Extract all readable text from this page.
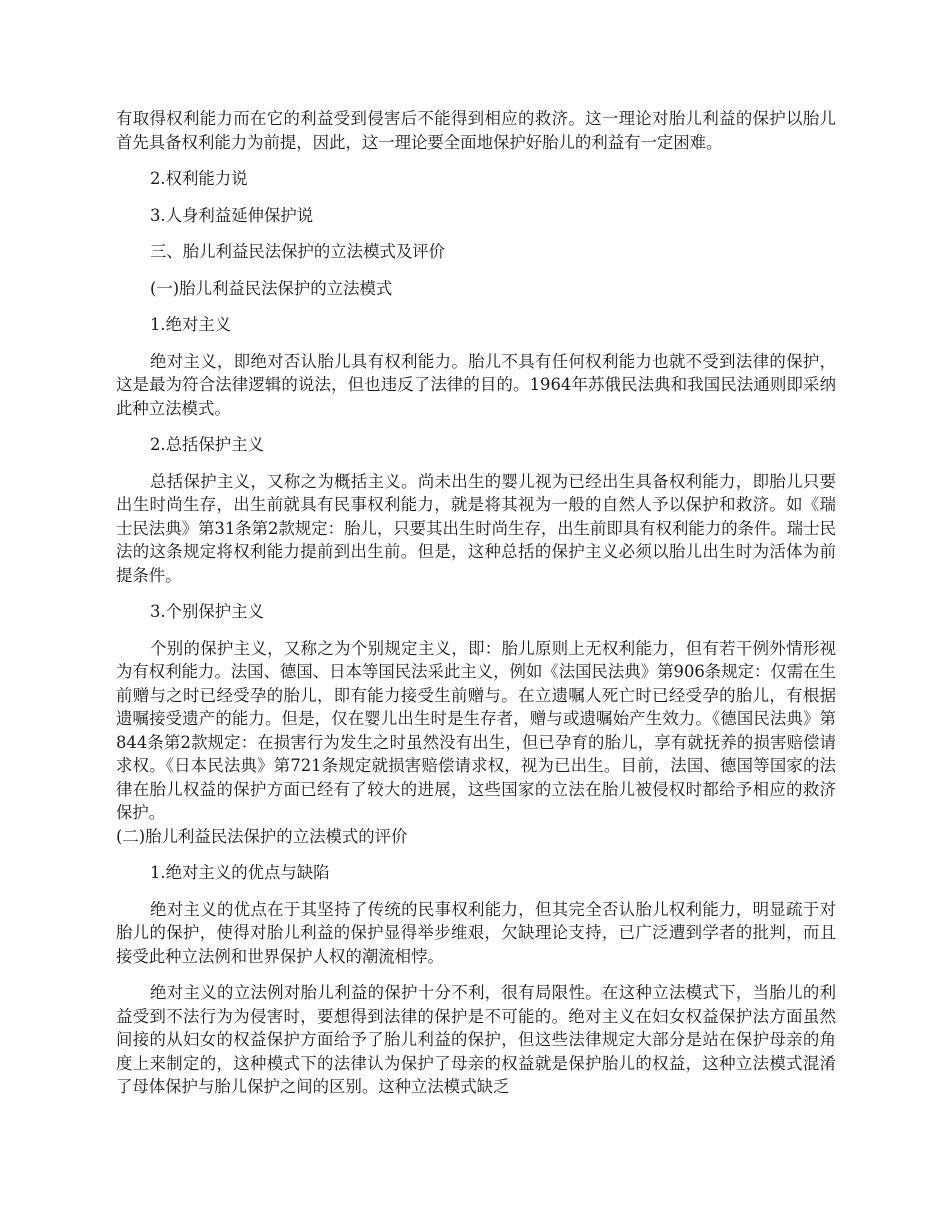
有取得权利能力而在它的利益受到侵害后不能得到相应的救济。这一理论对胎儿利益的保护以胎儿首先具备权利能力为前提，因此，这一理论要全面地保护好胎儿的利益有一定困难。

2.权利能力说

3.人身利益延伸保护说

三、胎儿利益民法保护的立法模式及评价

(一)胎儿利益民法保护的立法模式

1.绝对主义

绝对主义，即绝对否认胎儿具有权利能力。胎儿不具有任何权利能力也就不受到法律的保护，这是最为符合法律逻辑的说法，但也违反了法律的目的。1964年苏俄民法典和我国民法通则即采纳此种立法模式。

2.总括保护主义

总括保护主义，又称之为概括主义。尚未出生的婴儿视为已经出生具备权利能力，即胎儿只要出生时尚生存，出生前就具有民事权利能力，就是将其视为一般的自然人予以保护和救济。如《瑞士民法典》第31条第2款规定：胎儿，只要其出生时尚生存，出生前即具有权利能力的条件。瑞士民法的这条规定将权利能力提前到出生前。但是，这种总括的保护主义必须以胎儿出生时为活体为前提条件。

3.个别保护主义

个别的保护主义，又称之为个别规定主义，即：胎儿原则上无权利能力，但有若干例外情形视为有权利能力。法国、德国、日本等国民法采此主义，例如《法国民法典》第906条规定：仅需在生前赠与之时已经受孕的胎儿，即有能力接受生前赠与。在立遗嘱人死亡时已经受孕的胎儿，有根据遗嘱接受遗产的能力。但是，仅在婴儿出生时是生存者，赠与或遗嘱始产生效力。《德国民法典》第844条第2款规定：在损害行为发生之时虽然没有出生，但已孕育的胎儿，享有就抚养的损害赔偿请求权。《日本民法典》第721条规定就损害赔偿请求权，视为已出生。目前，法国、德国等国家的法律在胎儿权益的保护方面已经有了较大的进展，这些国家的立法在胎儿被侵权时都给予相应的救济保护。

(二)胎儿利益民法保护的立法模式的评价

1.绝对主义的优点与缺陷

绝对主义的优点在于其坚持了传统的民事权利能力，但其完全否认胎儿权利能力，明显疏于对胎儿的保护，使得对胎儿利益的保护显得举步维艰，欠缺理论支持，已广泛遭到学者的批判，而且接受此种立法例和世界保护人权的潮流相悖。

绝对主义的立法例对胎儿利益的保护十分不利，很有局限性。在这种立法模式下，当胎儿的利益受到不法行为为侵害时，要想得到法律的保护是不可能的。绝对主义在妇女权益保护法方面虽然间接的从妇女的权益保护方面给予了胎儿利益的保护，但这些法律规定大部分是站在保护母亲的角度上来制定的，这种模式下的法律认为保护了母亲的权益就是保护胎儿的权益，这种立法模式混淆了母体保护与胎儿保护之间的区别。这种立法模式缺乏
